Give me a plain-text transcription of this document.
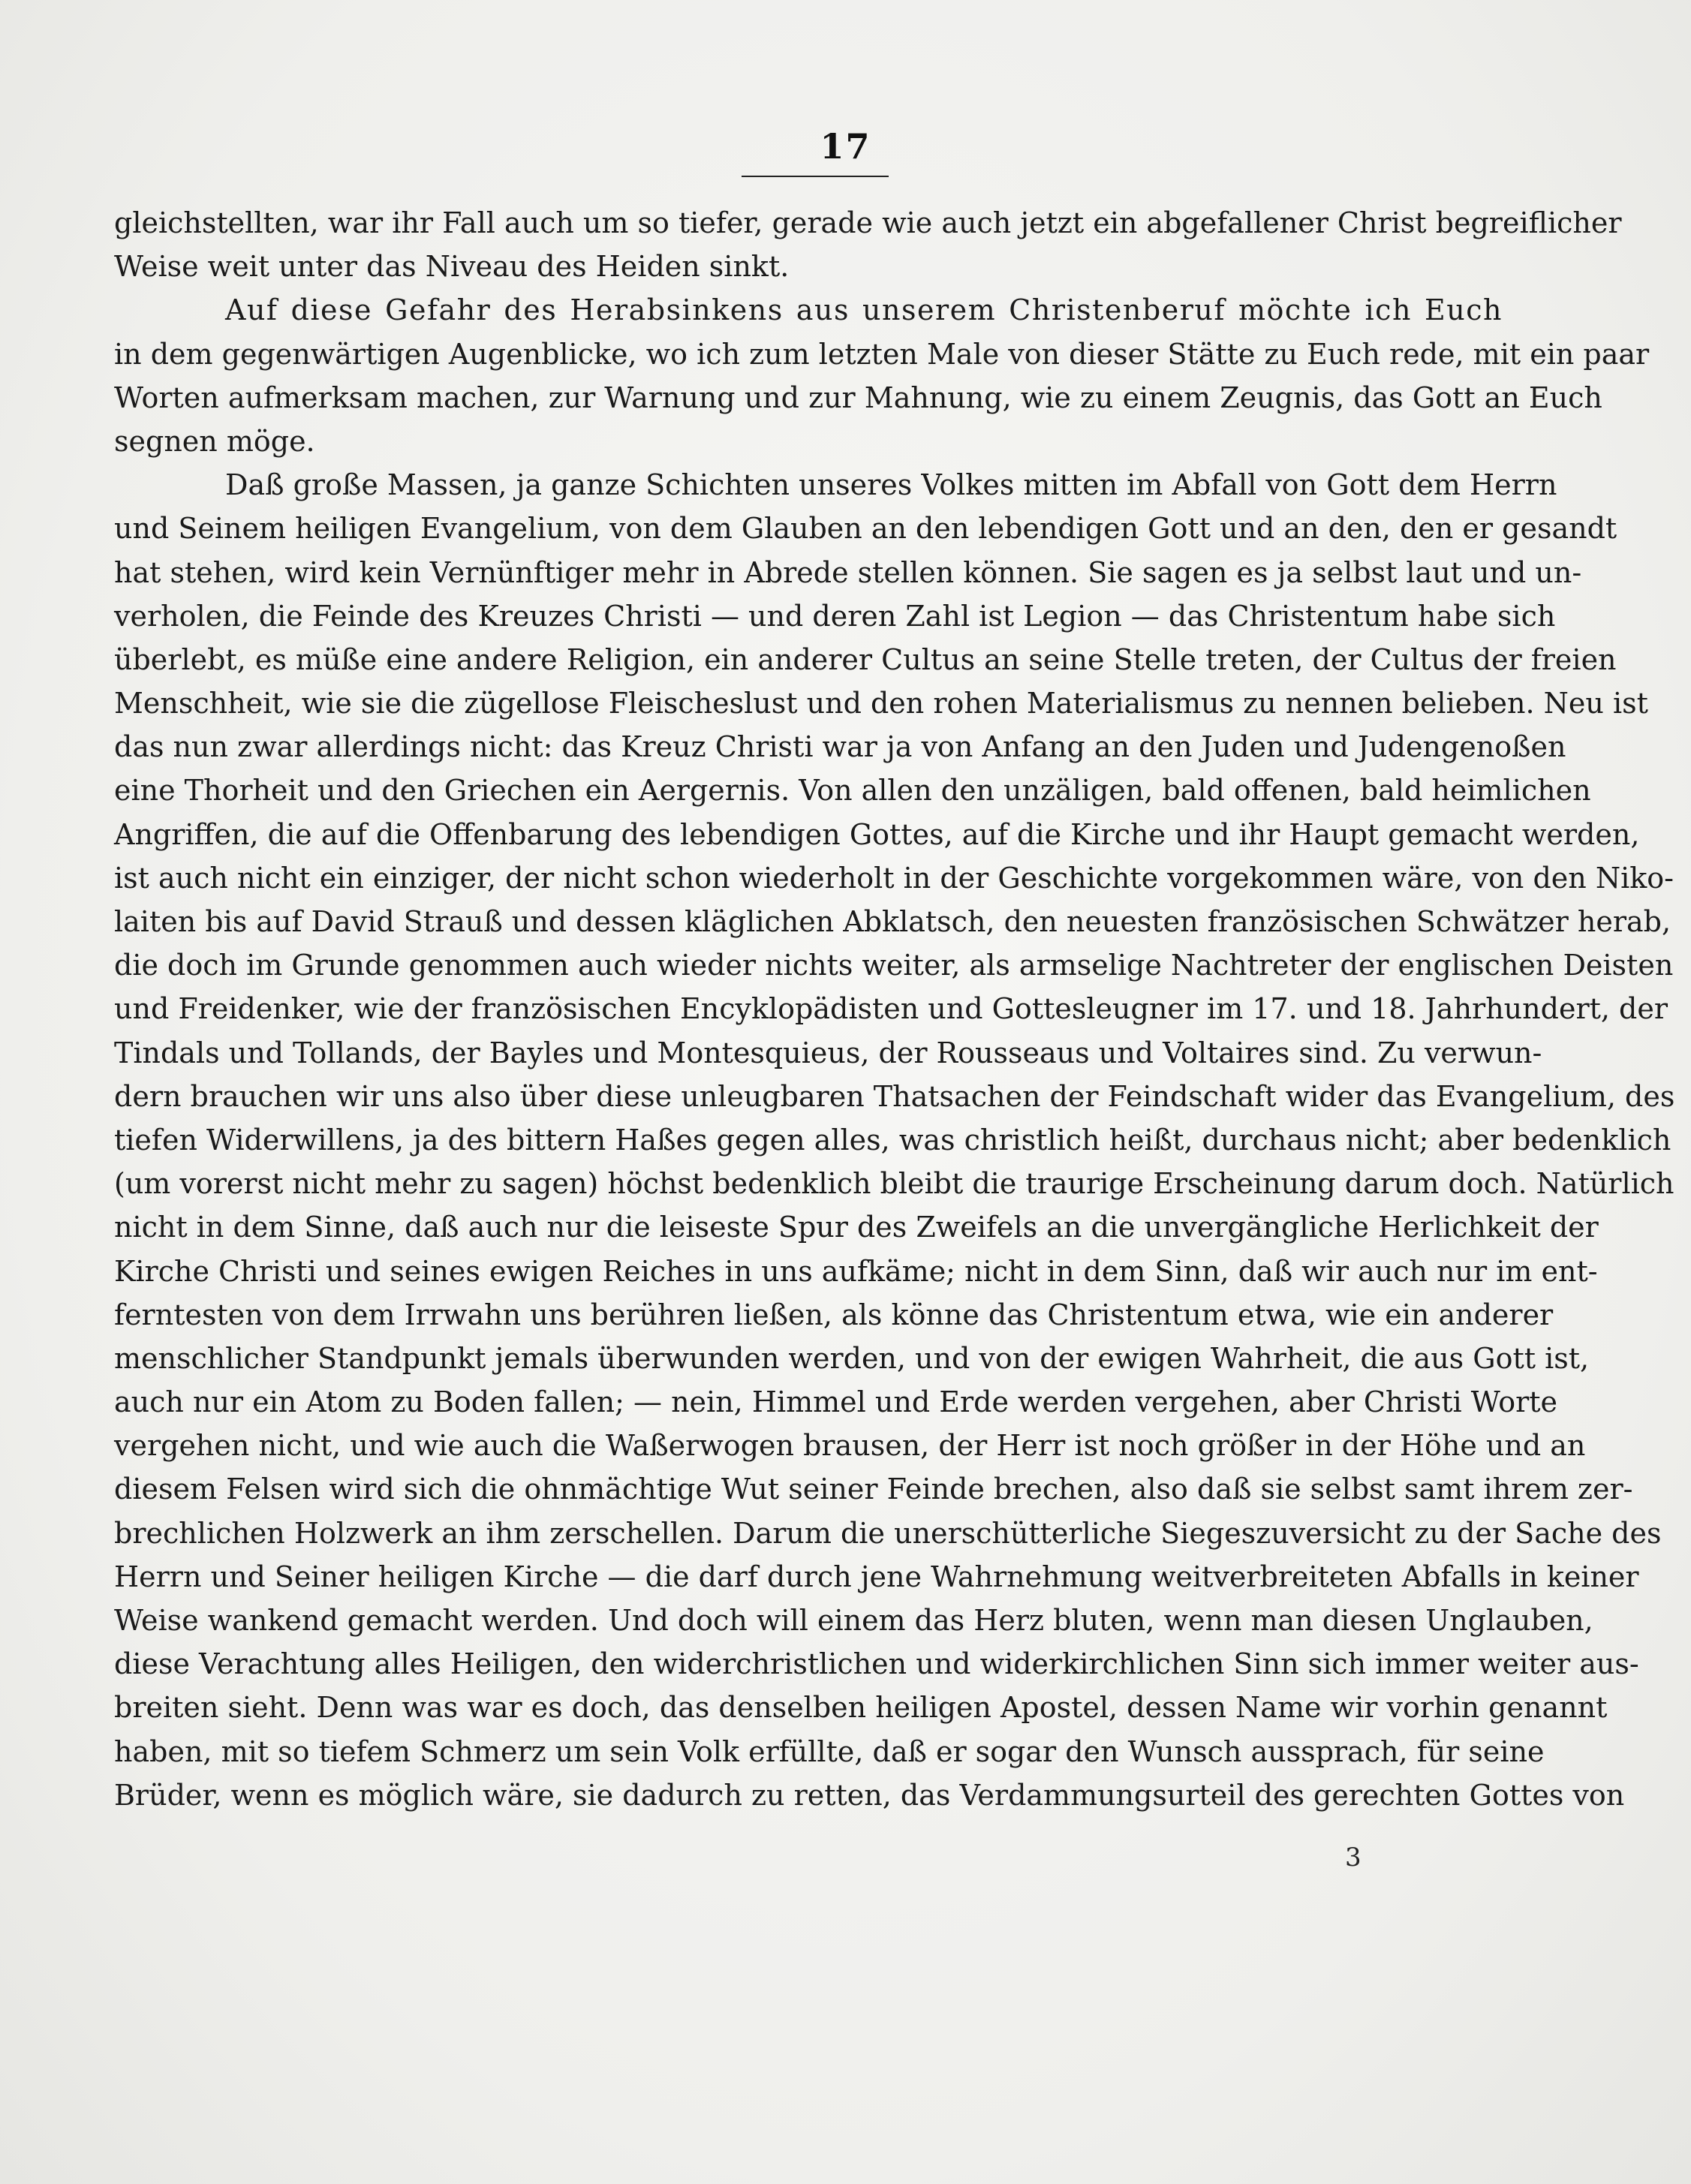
17
gleichstellten, war ihr Fall auch um so tiefer, gerade wie auch jetzt ein abgefallener Christ begreiflicher
Weise weit unter das Niveau des Heiden sinkt.
Auf diese Gefahr des Herabsinkens aus unserem Christenberuf möchte ich Euch
in dem gegenwärtigen Augenblicke, wo ich zum letzten Male von dieser Stätte zu Euch rede, mit ein paar
Worten aufmerksam machen, zur Warnung und zur Mahnung, wie zu einem Zeugnis, das Gott an Euch
segnen möge.
Daß große Massen, ja ganze Schichten unseres Volkes mitten im Abfall von Gott dem Herrn
und Seinem heiligen Evangelium, von dem Glauben an den lebendigen Gott und an den, den er gesandt
hat stehen, wird kein Vernünftiger mehr in Abrede stellen können. Sie sagen es ja selbst laut und un-
verholen, die Feinde des Kreuzes Christi — und deren Zahl ist Legion — das Christentum habe sich
überlebt, es müße eine andere Religion, ein anderer Cultus an seine Stelle treten, der Cultus der freien
Menschheit, wie sie die zügellose Fleischeslust und den rohen Materialismus zu nennen belieben. Neu ist
das nun zwar allerdings nicht: das Kreuz Christi war ja von Anfang an den Juden und Judengenoßen
eine Thorheit und den Griechen ein Aergernis. Von allen den unzäligen, bald offenen, bald heimlichen
Angriffen, die auf die Offenbarung des lebendigen Gottes, auf die Kirche und ihr Haupt gemacht werden,
ist auch nicht ein einziger, der nicht schon wiederholt in der Geschichte vorgekommen wäre, von den Niko-
laiten bis auf David Strauß und dessen kläglichen Abklatsch, den neuesten französischen Schwätzer herab,
die doch im Grunde genommen auch wieder nichts weiter, als armselige Nachtreter der englischen Deisten
und Freidenker, wie der französischen Encyklopädisten und Gottesleugner im 17. und 18. Jahrhundert, der
Tindals und Tollands, der Bayles und Montesquieus, der Rousseaus und Voltaires sind. Zu verwun-
dern brauchen wir uns also über diese unleugbaren Thatsachen der Feindschaft wider das Evangelium, des
tiefen Widerwillens, ja des bittern Haßes gegen alles, was christlich heißt, durchaus nicht; aber bedenklich
(um vorerst nicht mehr zu sagen) höchst bedenklich bleibt die traurige Erscheinung darum doch. Natürlich
nicht in dem Sinne, daß auch nur die leiseste Spur des Zweifels an die unvergängliche Herlichkeit der
Kirche Christi und seines ewigen Reiches in uns aufkäme; nicht in dem Sinn, daß wir auch nur im ent-
ferntesten von dem Irrwahn uns berühren ließen, als könne das Christentum etwa, wie ein anderer
menschlicher Standpunkt jemals überwunden werden, und von der ewigen Wahrheit, die aus Gott ist,
auch nur ein Atom zu Boden fallen; — nein, Himmel und Erde werden vergehen, aber Christi Worte
vergehen nicht, und wie auch die Waßerwogen brausen, der Herr ist noch größer in der Höhe und an
diesem Felsen wird sich die ohnmächtige Wut seiner Feinde brechen, also daß sie selbst samt ihrem zer-
brechlichen Holzwerk an ihm zerschellen. Darum die unerschütterliche Siegeszuversicht zu der Sache des
Herrn und Seiner heiligen Kirche — die darf durch jene Wahrnehmung weitverbreiteten Abfalls in keiner
Weise wankend gemacht werden. Und doch will einem das Herz bluten, wenn man diesen Unglauben,
diese Verachtung alles Heiligen, den widerchristlichen und widerkirchlichen Sinn sich immer weiter aus-
breiten sieht. Denn was war es doch, das denselben heiligen Apostel, dessen Name wir vorhin genannt
haben, mit so tiefem Schmerz um sein Volk erfüllte, daß er sogar den Wunsch aussprach, für seine
Brüder, wenn es möglich wäre, sie dadurch zu retten, das Verdammungsurteil des gerechten Gottes von
3
